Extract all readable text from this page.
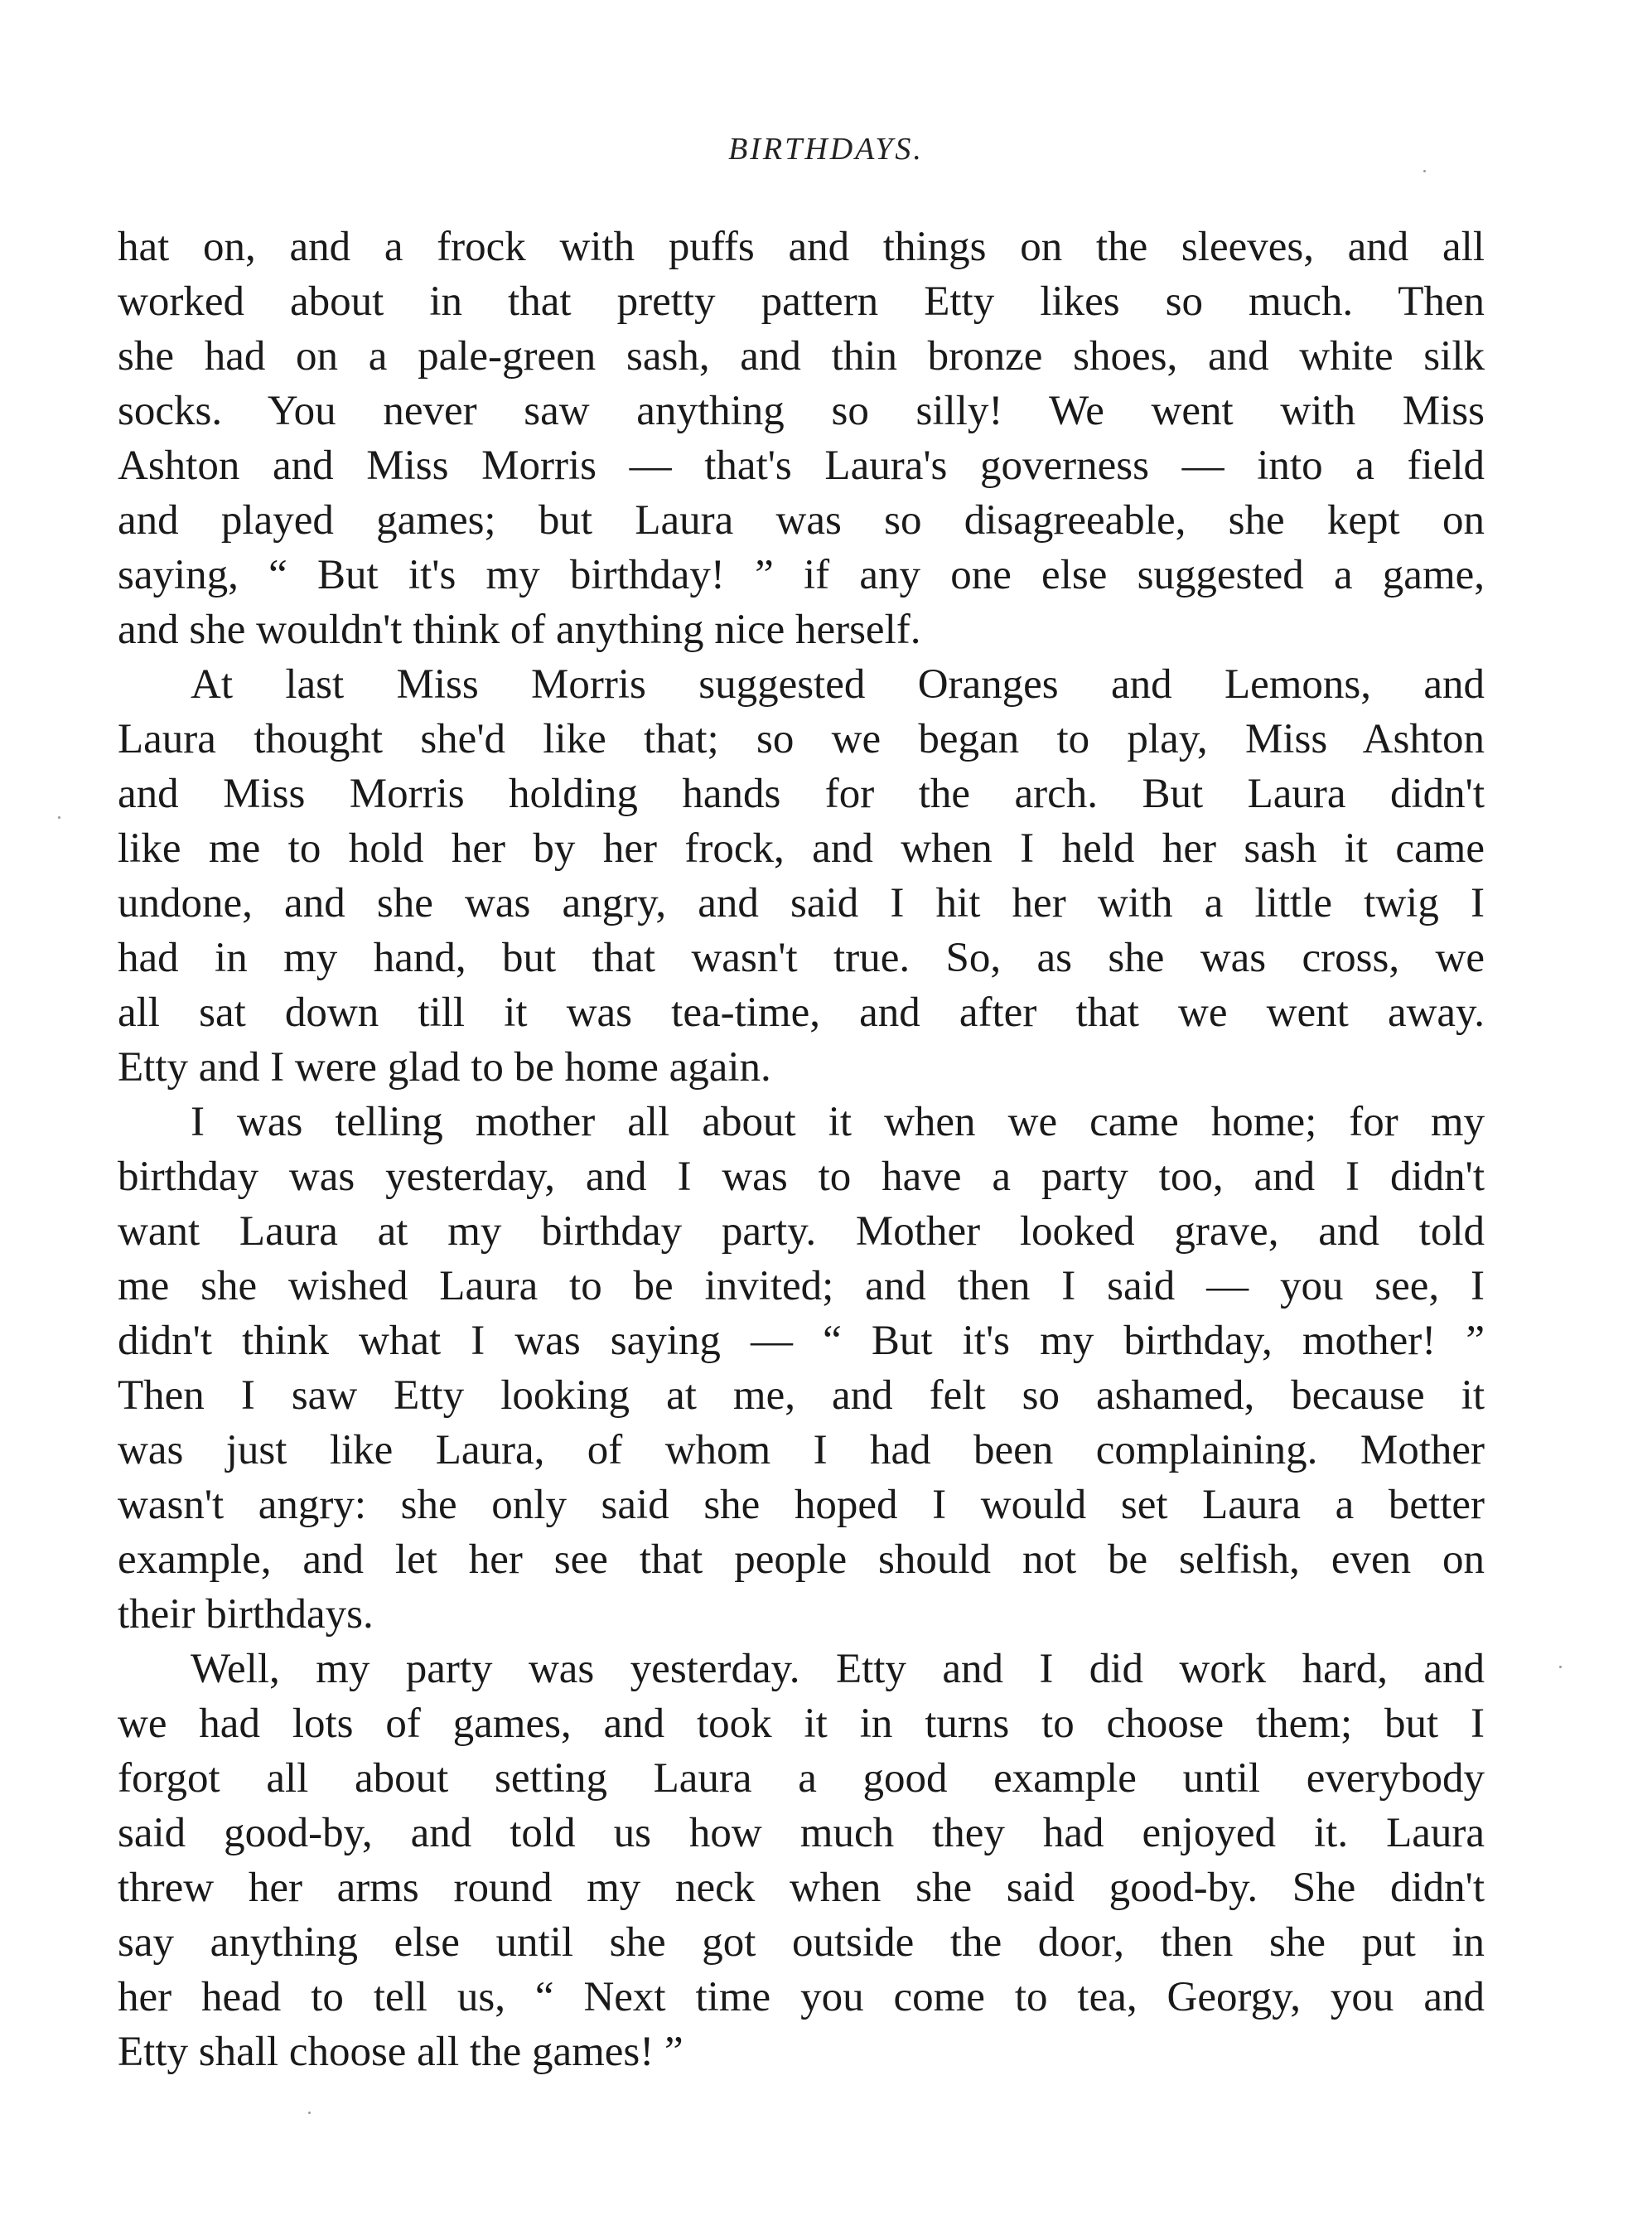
BIRTHDAYS.
hat on, and a frock with puffs and things on the sleeves, and all
worked about in that pretty pattern Etty likes so much. Then
she had on a pale-green sash, and thin bronze shoes, and white silk
socks. You never saw anything so silly! We went with Miss
Ashton and Miss Morris — that's Laura's governess — into a field
and played games; but Laura was so disagreeable, she kept on
saying, “ But it's my birthday! ” if any one else suggested a game,
and she wouldn't think of anything nice herself.
At last Miss Morris suggested Oranges and Lemons, and
Laura thought she'd like that; so we began to play, Miss Ashton
and Miss Morris holding hands for the arch. But Laura didn't
like me to hold her by her frock, and when I held her sash it came
undone, and she was angry, and said I hit her with a little twig I
had in my hand, but that wasn't true. So, as she was cross, we
all sat down till it was tea-time, and after that we went away.
Etty and I were glad to be home again.
I was telling mother all about it when we came home; for my
birthday was yesterday, and I was to have a party too, and I didn't
want Laura at my birthday party. Mother looked grave, and told
me she wished Laura to be invited; and then I said — you see, I
didn't think what I was saying — “ But it's my birthday, mother! ”
Then I saw Etty looking at me, and felt so ashamed, because it
was just like Laura, of whom I had been complaining. Mother
wasn't angry: she only said she hoped I would set Laura a better
example, and let her see that people should not be selfish, even on
their birthdays.
Well, my party was yesterday. Etty and I did work hard, and
we had lots of games, and took it in turns to choose them; but I
forgot all about setting Laura a good example until everybody
said good-by, and told us how much they had enjoyed it. Laura
threw her arms round my neck when she said good-by. She didn't
say anything else until she got outside the door, then she put in
her head to tell us, “ Next time you come to tea, Georgy, you and
Etty shall choose all the games! ”
